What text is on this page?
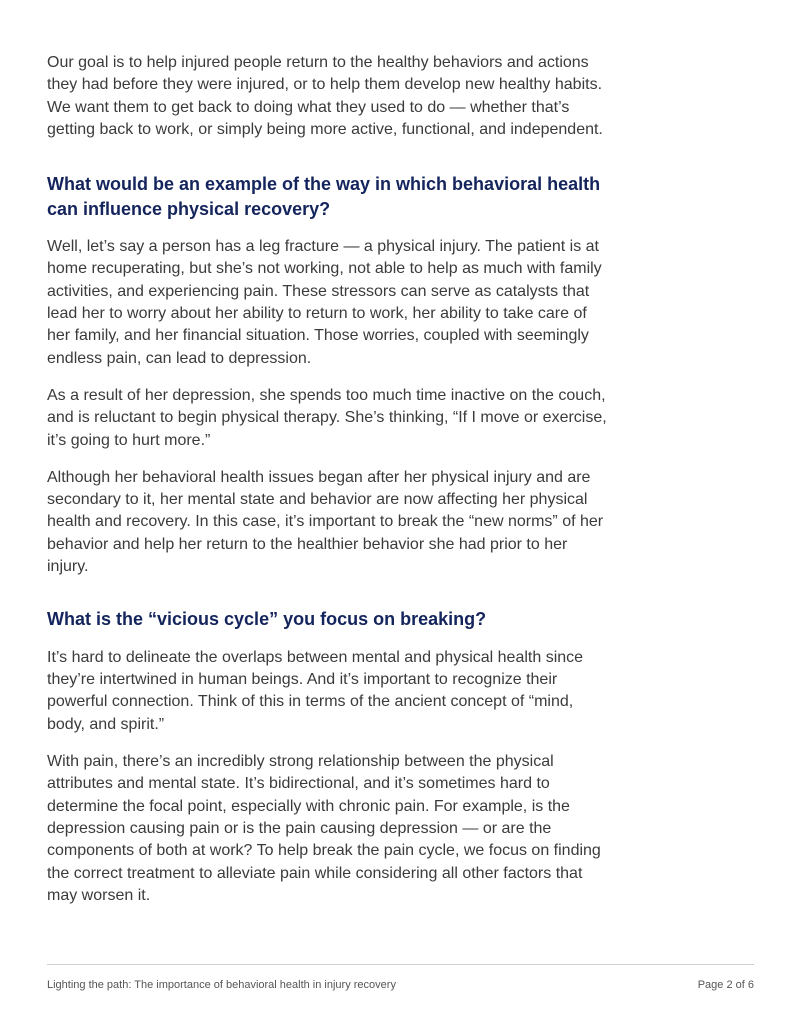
Our goal is to help injured people return to the healthy behaviors and actions they had before they were injured, or to help them develop new healthy habits. We want them to get back to doing what they used to do — whether that’s getting back to work, or simply being more active, functional, and independent.

What would be an example of the way in which behavioral health can influence physical recovery?

Well, let’s say a person has a leg fracture — a physical injury. The patient is at home recuperating, but she’s not working, not able to help as much with family activities, and experiencing pain. These stressors can serve as catalysts that lead her to worry about her ability to return to work, her ability to take care of her family, and her financial situation. Those worries, coupled with seemingly endless pain, can lead to depression.

As a result of her depression, she spends too much time inactive on the couch, and is reluctant to begin physical therapy. She’s thinking, “If I move or exercise, it’s going to hurt more.”

Although her behavioral health issues began after her physical injury and are secondary to it, her mental state and behavior are now affecting her physical health and recovery. In this case, it’s important to break the “new norms” of her behavior and help her return to the healthier behavior she had prior to her injury.

What is the “vicious cycle” you focus on breaking?

It’s hard to delineate the overlaps between mental and physical health since they’re intertwined in human beings. And it’s important to recognize their powerful connection. Think of this in terms of the ancient concept of “mind, body, and spirit.”

With pain, there’s an incredibly strong relationship between the physical attributes and mental state. It’s bidirectional, and it’s sometimes hard to determine the focal point, especially with chronic pain. For example, is the depression causing pain or is the pain causing depression — or are the components of both at work? To help break the pain cycle, we focus on finding the correct treatment to alleviate pain while considering all other factors that may worsen it.

Lighting the path: The importance of behavioral health in injury recovery	Page 2 of 6
